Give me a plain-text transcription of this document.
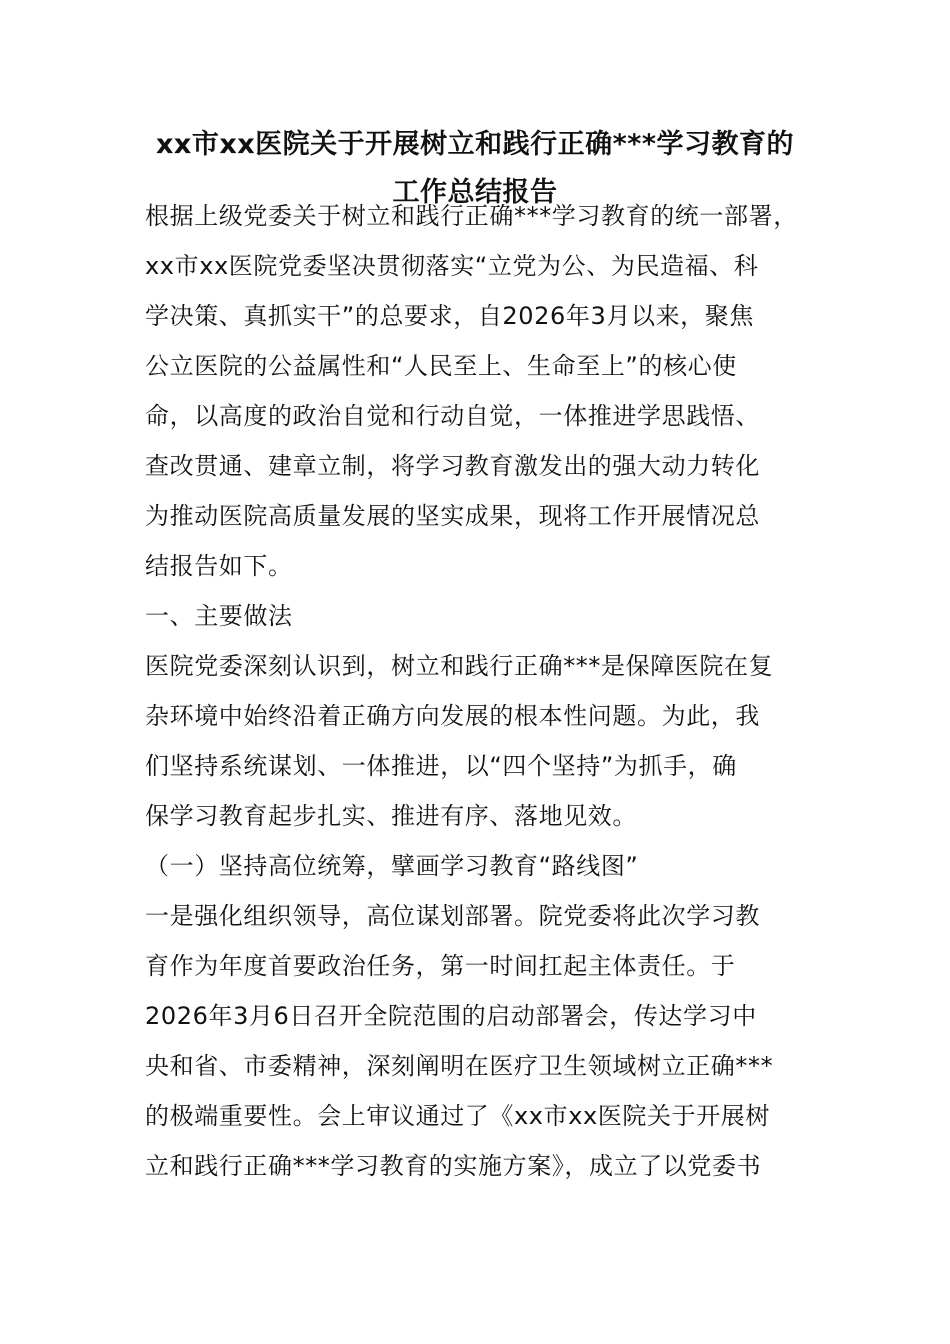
xx市xx医院关于开展树立和践行正确***学习教育的
工作总结报告
根据上级党委关于树立和践行正确***学习教育的统一部署，
xx市xx医院党委坚决贯彻落实“立党为公、为民造福、科
学决策、真抓实干”的总要求，自2026年3月以来，聚焦
公立医院的公益属性和“人民至上、生命至上”的核心使
命，以高度的政治自觉和行动自觉，一体推进学思践悟、
查改贯通、建章立制，将学习教育激发出的强大动力转化
为推动医院高质量发展的坚实成果，现将工作开展情况总
结报告如下。
一、主要做法
医院党委深刻认识到，树立和践行正确***是保障医院在复
杂环境中始终沿着正确方向发展的根本性问题。为此，我
们坚持系统谋划、一体推进，以“四个坚持”为抓手，确
保学习教育起步扎实、推进有序、落地见效。
（一）坚持高位统筹，擘画学习教育“路线图”
一是强化组织领导，高位谋划部署。院党委将此次学习教
育作为年度首要政治任务，第一时间扛起主体责任。于
2026年3月6日召开全院范围的启动部署会，传达学习中
央和省、市委精神，深刻阐明在医疗卫生领域树立正确***
的极端重要性。会上审议通过了《xx市xx医院关于开展树
立和践行正确***学习教育的实施方案》，成立了以党委书
